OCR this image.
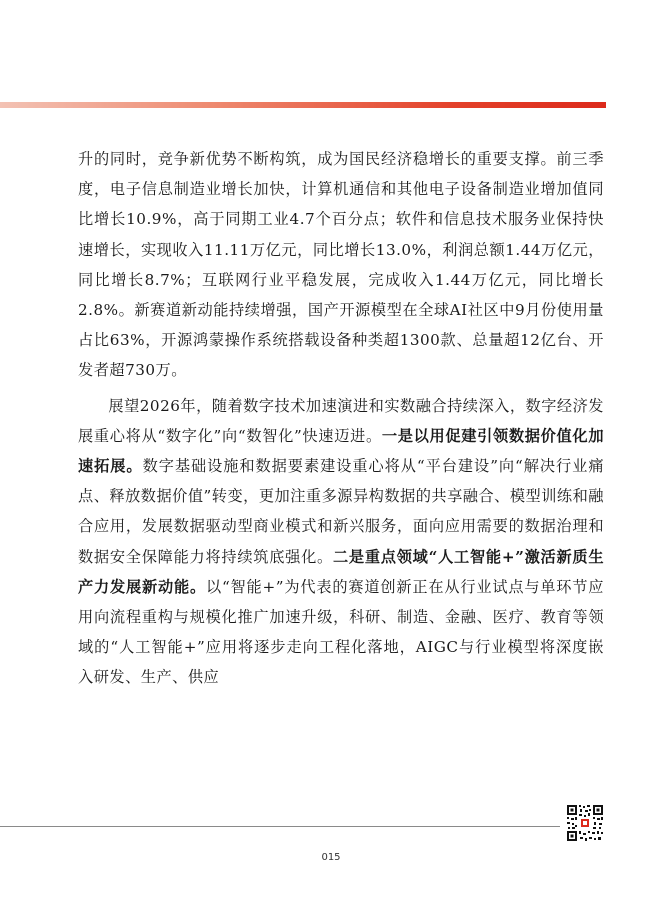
升的同时，竞争新优势不断构筑，成为国民经济稳增长的重要支撑。前三季度，电子信息制造业增长加快，计算机通信和其他电子设备制造业增加值同比增长10.9%，高于同期工业4.7个百分点；软件和信息技术服务业保持快速增长，实现收入11.11万亿元，同比增长13.0%，利润总额1.44万亿元，同比增长8.7%；互联网行业平稳发展，完成收入1.44万亿元，同比增长2.8%。新赛道新动能持续增强，国产开源模型在全球AI社区中9月份使用量占比63%，开源鸿蒙操作系统搭载设备种类超1300款、总量超12亿台、开发者超730万。

展望2026年，随着数字技术加速演进和实数融合持续深入，数字经济发展重心将从“数字化”向“数智化”快速迈进。一是以用促建引领数据价值化加速拓展。数字基础设施和数据要素建设重心将从“平台建设”向“解决行业痛点、释放数据价值”转变，更加注重多源异构数据的共享融合、模型训练和融合应用，发展数据驱动型商业模式和新兴服务，面向应用需要的数据治理和数据安全保障能力将持续筑底强化。二是重点领域“人工智能+”激活新质生产力发展新动能。以“智能+”为代表的赛道创新正在从行业试点与单环节应用向流程重构与规模化推广加速升级，科研、制造、金融、医疗、教育等领域的“人工智能+”应用将逐步走向工程化落地，AIGC与行业模型将深度嵌入研发、生产、供应

015
